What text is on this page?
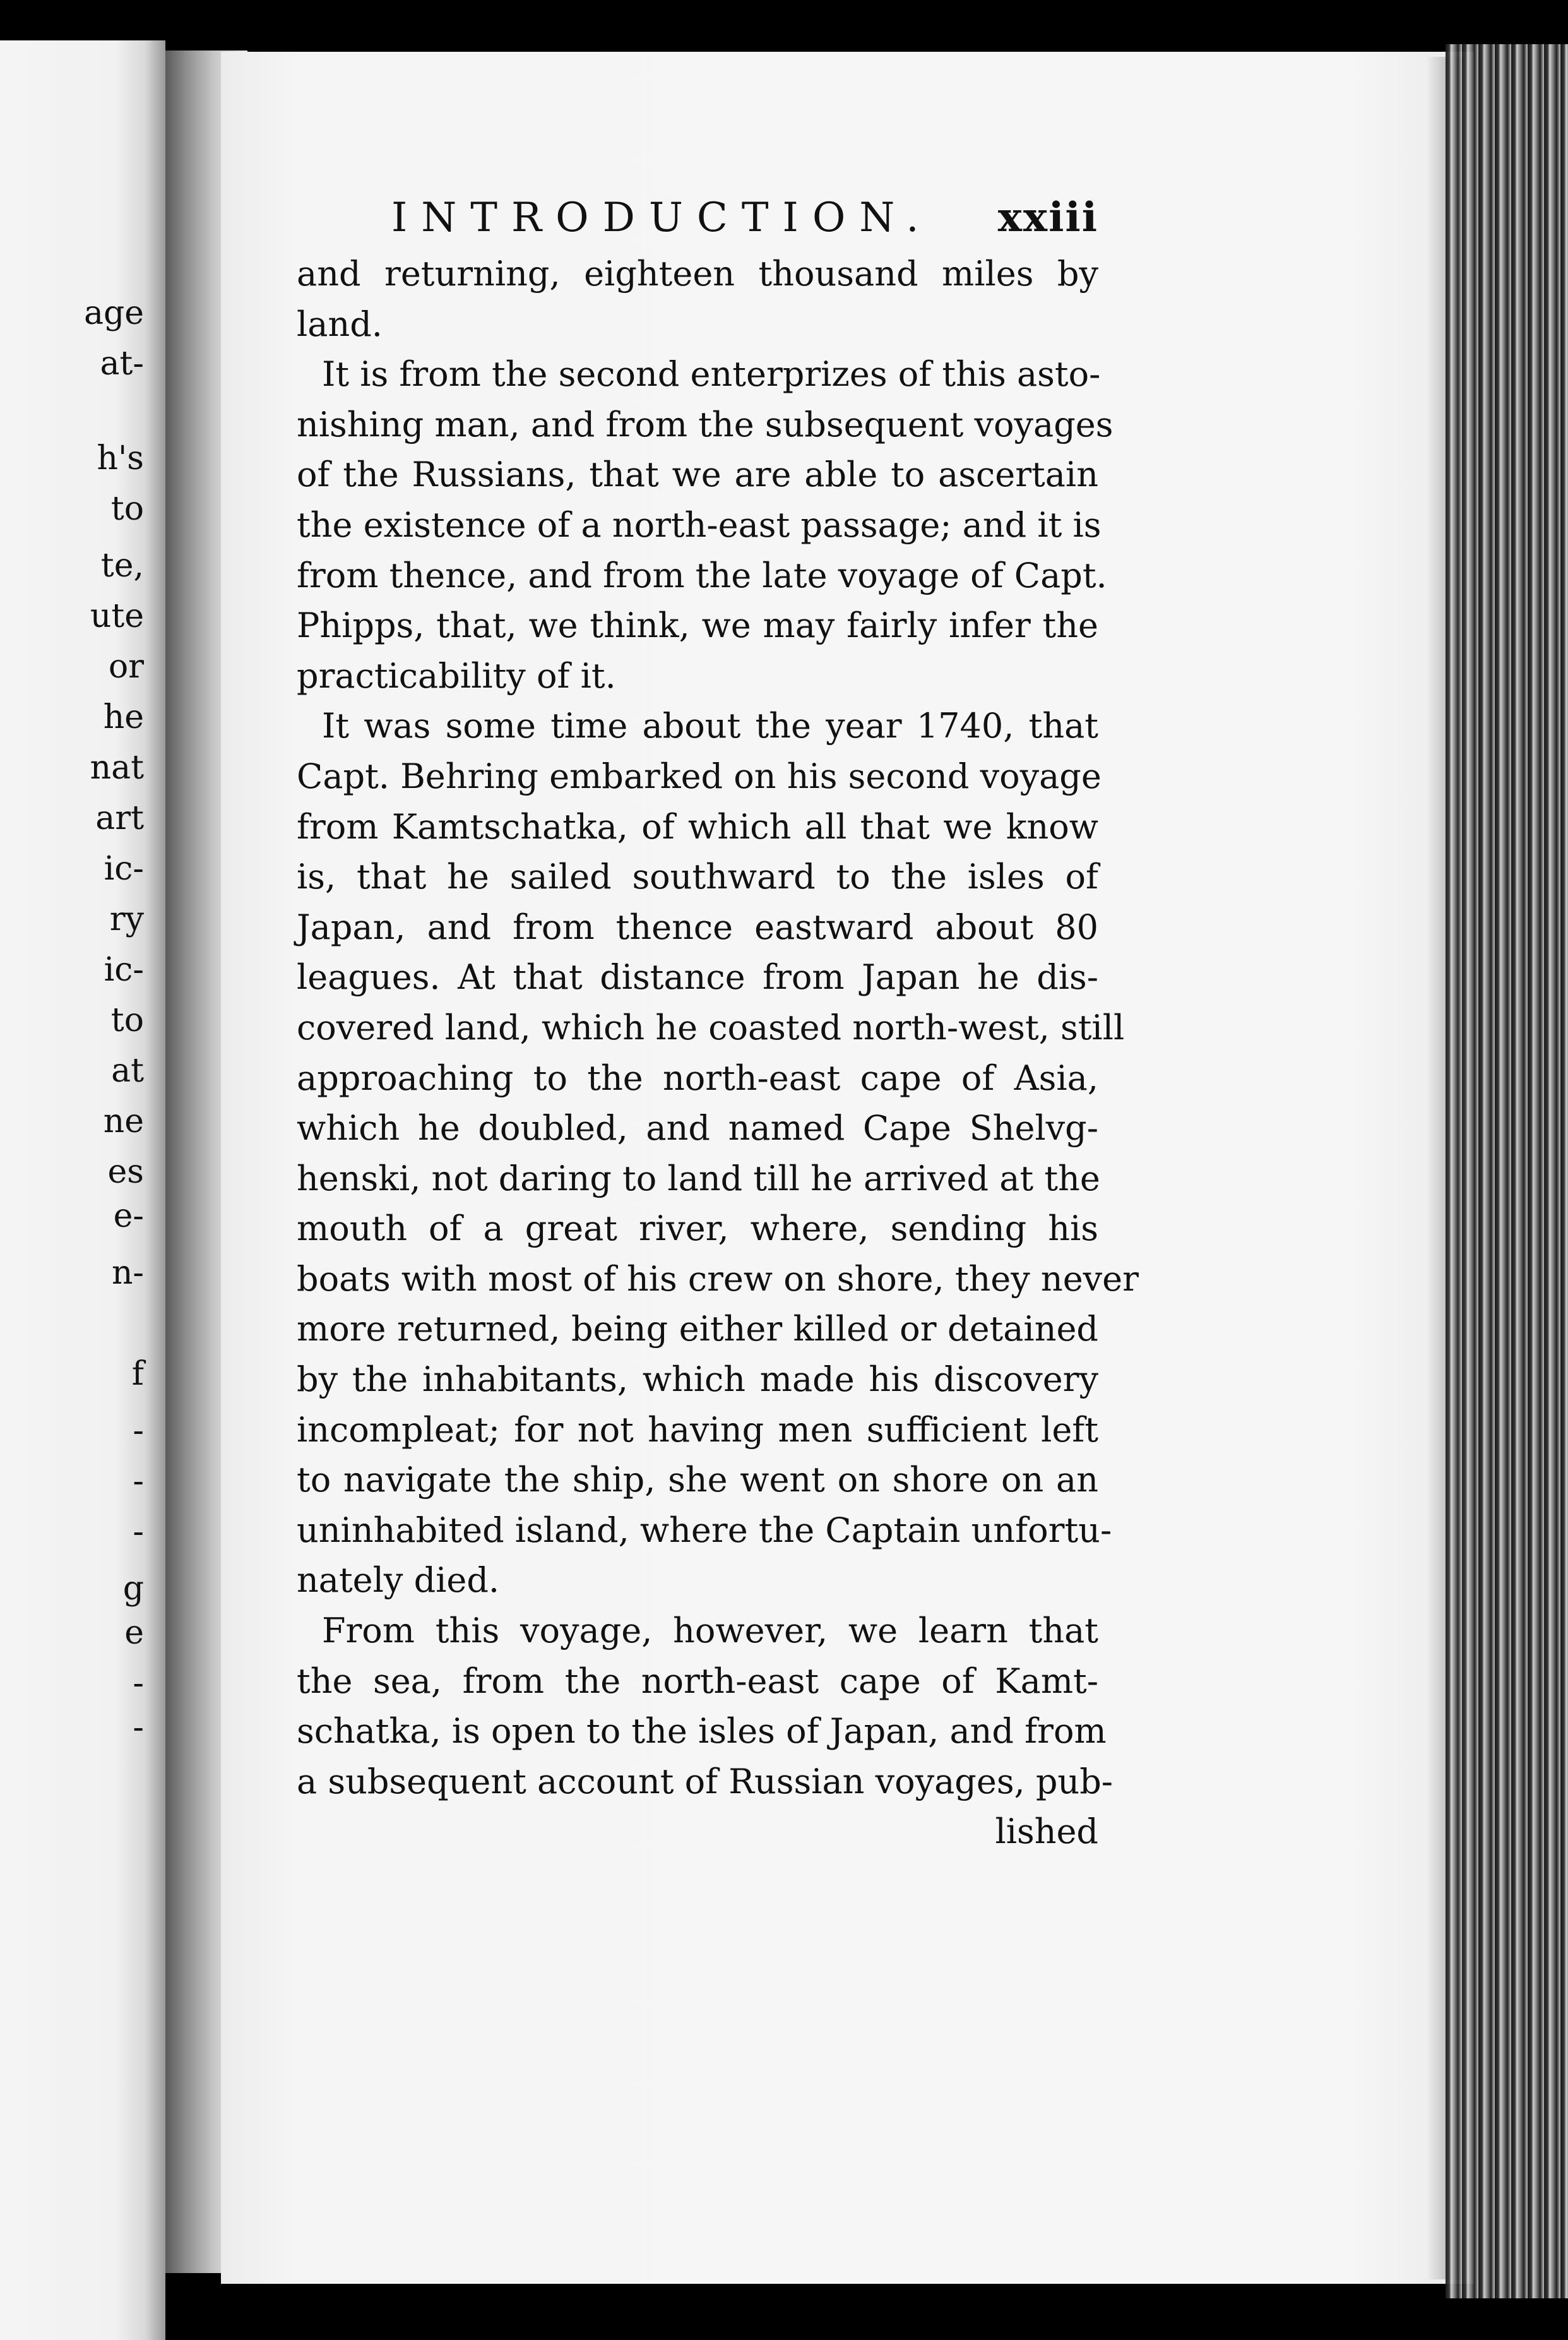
age
at-
h's
to
te,
ute
or
he
nat
art
ic-
ry
ic-
to
at
ne
es
e-
n-
f
-
-
-
g
e
-
-
INTRODUCTION. xxiii
and returning, eighteen thousand miles by
land.
It is from the second enterprizes of this asto-
nishing man, and from the subsequent voyages
of the Russians, that we are able to ascertain
the existence of a north-east passage; and it is
from thence, and from the late voyage of Capt.
Phipps, that, we think, we may fairly infer the
practicability of it.
It was some time about the year 1740, that
Capt. Behring embarked on his second voyage
from Kamtschatka, of which all that we know
is, that he sailed southward to the isles of
Japan, and from thence eastward about 80
leagues. At that distance from Japan he dis-
covered land, which he coasted north-west, still
approaching to the north-east cape of Asia,
which he doubled, and named Cape Shelvg-
henski, not daring to land till he arrived at the
mouth of a great river, where, sending his
boats with most of his crew on shore, they never
more returned, being either killed or detained
by the inhabitants, which made his discovery
incompleat; for not having men sufficient left
to navigate the ship, she went on shore on an
uninhabited island, where the Captain unfortu-
nately died.
From this voyage, however, we learn that
the sea, from the north-east cape of Kamt-
schatka, is open to the isles of Japan, and from
a subsequent account of Russian voyages, pub-
lished
